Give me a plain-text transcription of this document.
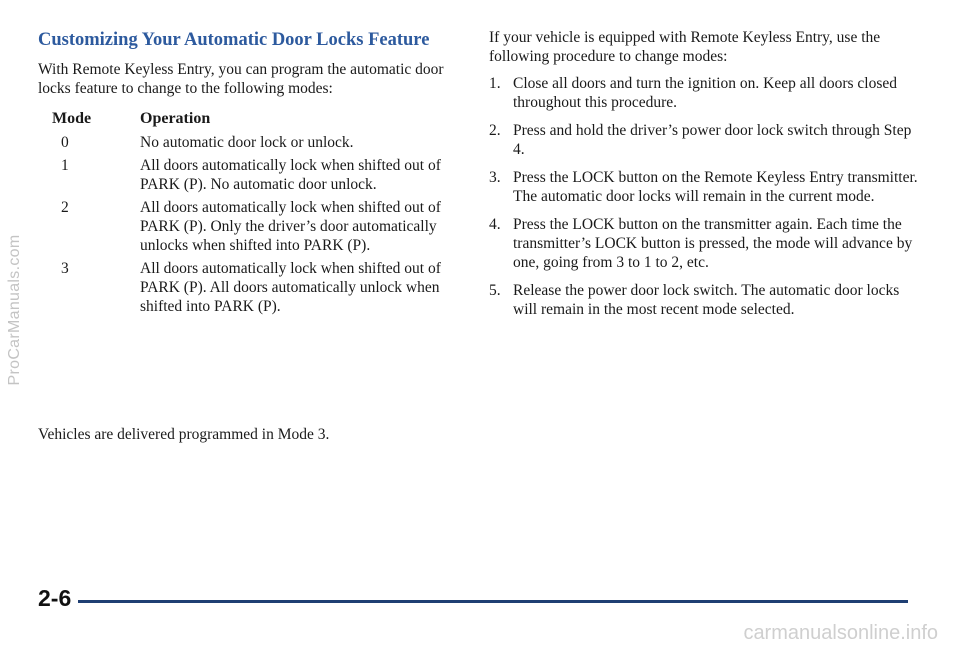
ProCarManuals.com
Customizing Your Automatic Door Locks Feature

With Remote Keyless Entry, you can program the automatic door locks feature to change to the following modes:

Mode	Operation
0	No automatic door lock or unlock.
1	All doors automatically lock when shifted out of PARK (P). No automatic door unlock.
2	All doors automatically lock when shifted out of PARK (P). Only the driver’s door automatically unlocks when shifted into PARK (P).
3	All doors automatically lock when shifted out of PARK (P). All doors automatically unlock when shifted into PARK (P).

Vehicles are delivered programmed in Mode 3.

If your vehicle is equipped with Remote Keyless Entry, use the following procedure to change modes:

1. Close all doors and turn the ignition on. Keep all doors closed throughout this procedure.
2. Press and hold the driver’s power door lock switch through Step 4.
3. Press the LOCK button on the Remote Keyless Entry transmitter. The automatic door locks will remain in the current mode.
4. Press the LOCK button on the transmitter again. Each time the transmitter’s LOCK button is pressed, the mode will advance by one, going from 3 to 1 to 2, etc.
5. Release the power door lock switch. The automatic door locks will remain in the most recent mode selected.
2-6
carmanualsonline.info
